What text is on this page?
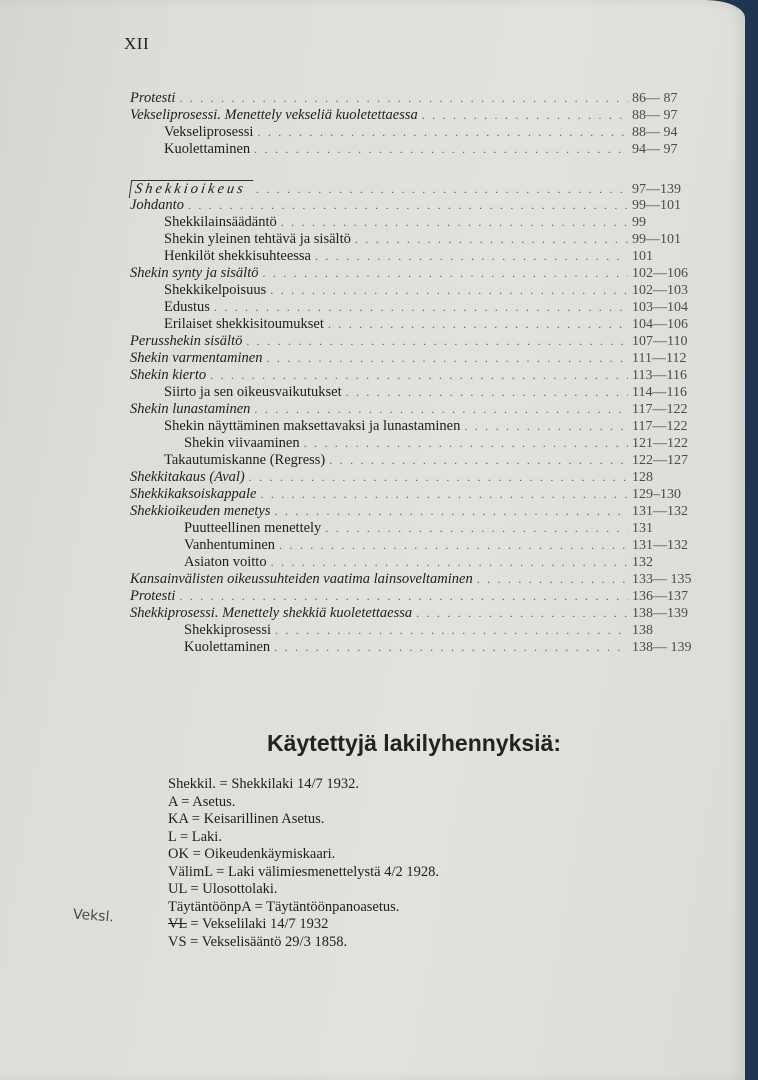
XII
Protesti . . .	86— 87
Vekseliprosessi. Menettely vekseliä kuoletettaessa . . .	88— 97
Vekseliprosessi . . .	88— 94
Kuolettaminen . . .	94— 97
Shekkioikeus . . .	97—139
Johdanto . . .	99—101
Shekkilainsäädäntö . . .	99
Shekin yleinen tehtävä ja sisältö . . .	99—101
Henkilöt shekkisuhteessa . . .	101
Shekin synty ja sisältö . . .	102—106
Shekkikelpoisuus . . .	102—103
Edustus . . .	103—104
Erilaiset shekkisitoumukset . . .	104—106
Perusshekin sisältö . . .	107—110
Shekin varmentaminen . . .	111—112
Shekin kierto . . .	113—116
Siirto ja sen oikeusvaikutukset . . .	114—116
Shekin lunastaminen . . .	117—122
Shekin näyttäminen maksettavaksi ja lunastaminen . . .	117—122
Shekin viivaaminen . . .	121—122
Takautumiskanne (Regress) . . .	122—127
Shekkitakaus (Aval) . . .	128
Shekkikaksoiskappale . . .	129–130
Shekkioikeuden menetys . . .	131—132
Puutteellinen menettely . . .	131
Vanhentuminen . . .	131—132
Asiaton voitto . . .	132
Kansainvälisten oikeussuhteiden vaatima lainsoveltaminen . . .	133— 135
Protesti . . .	136—137
Shekkiprosessi. Menettely shekkiä kuoletettaessa . . .	138—139
Shekkiprosessi . . .	138
Kuolettaminen . . .	138— 139
Käytettyjä lakilyhennyksiä:
Shekkil. = Shekkilaki 14/7 1932.
A = Asetus.
KA = Keisarillinen Asetus.
L = Laki.
OK = Oikeudenkäymiskaari.
VälimL = Laki välimiesmenettelystä 4/2 1928.
UL = Ulosottolaki.
TäytäntöönpA = Täytäntöönpanoasetus.
VL = Vekselilaki 14/7 1932
VS = Vekselisääntö 29/3 1858.
Veksl.
